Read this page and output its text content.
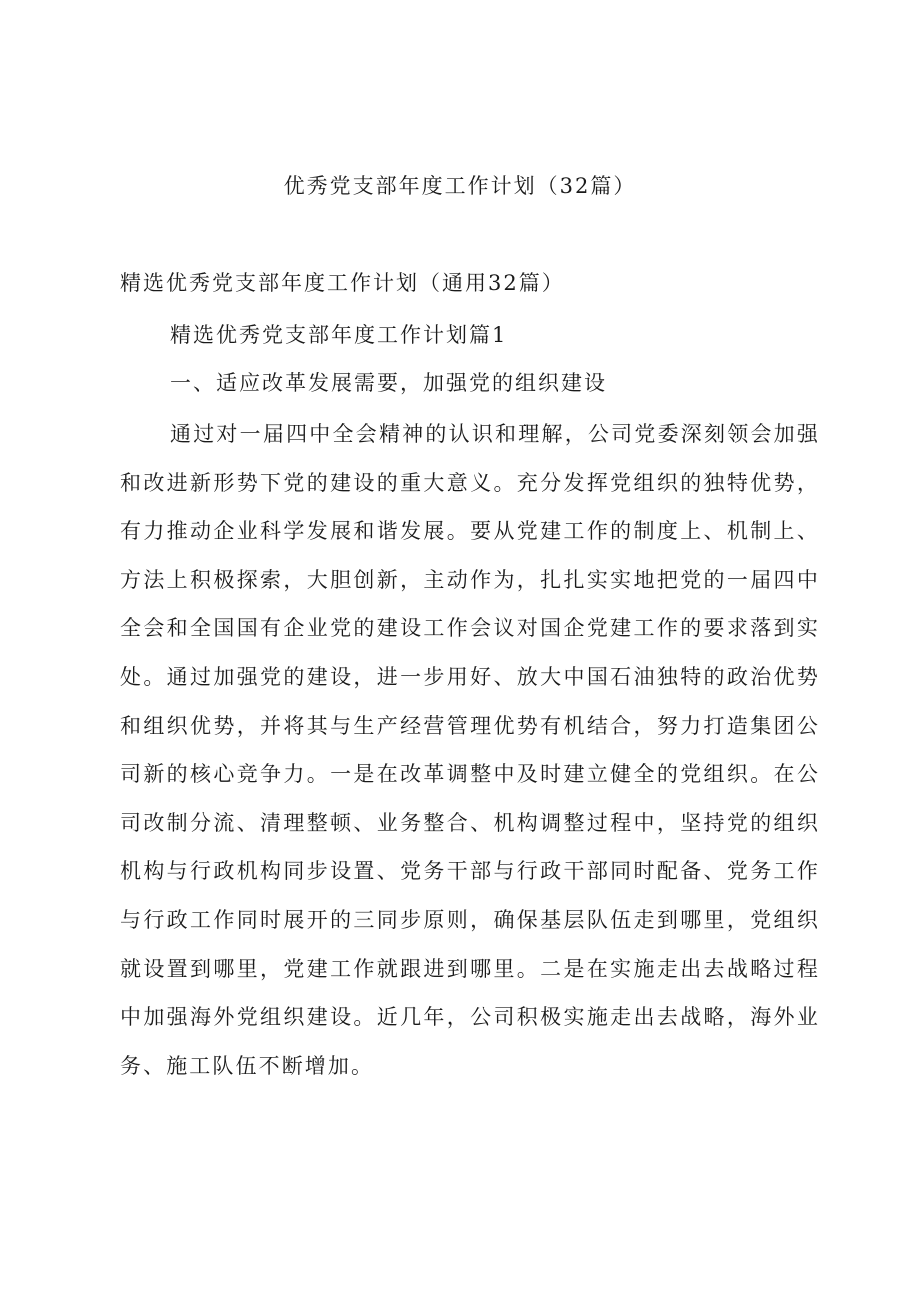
优秀党支部年度工作计划（32篇）

精选优秀党支部年度工作计划（通用32篇）

精选优秀党支部年度工作计划篇1

一、适应改革发展需要，加强党的组织建设

通过对一届四中全会精神的认识和理解，公司党委深刻领会加强和改进新形势下党的建设的重大意义。充分发挥党组织的独特优势，有力推动企业科学发展和谐发展。要从党建工作的制度上、机制上、方法上积极探索，大胆创新，主动作为，扎扎实实地把党的一届四中全会和全国国有企业党的建设工作会议对国企党建工作的要求落到实处。通过加强党的建设，进一步用好、放大中国石油独特的政治优势和组织优势，并将其与生产经营管理优势有机结合，努力打造集团公司新的核心竞争力。一是在改革调整中及时建立健全的党组织。在公司改制分流、清理整顿、业务整合、机构调整过程中，坚持党的组织机构与行政机构同步设置、党务干部与行政干部同时配备、党务工作与行政工作同时展开的三同步原则，确保基层队伍走到哪里，党组织就设置到哪里，党建工作就跟进到哪里。二是在实施走出去战略过程中加强海外党组织建设。近几年，公司积极实施走出去战略，海外业务、施工队伍不断增加。
